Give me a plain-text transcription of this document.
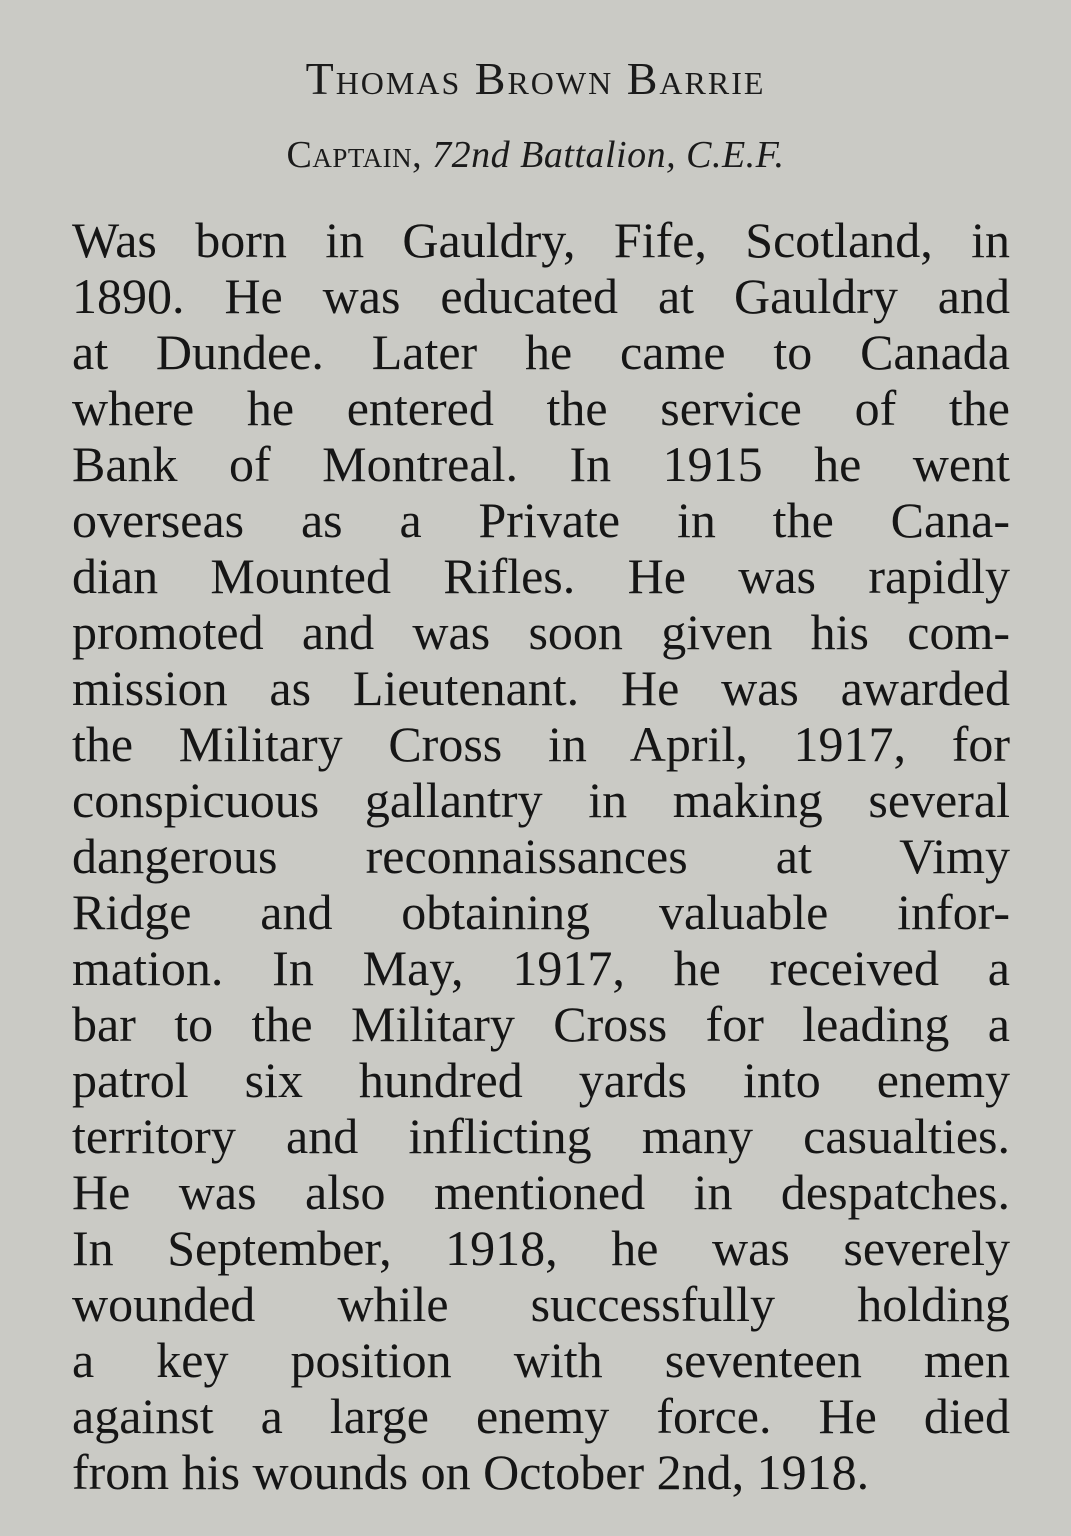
Thomas Brown Barrie
Captain, 72nd Battalion, C.E.F.
Was born in Gauldry, Fife, Scotland, in
1890. He was educated at Gauldry and
at Dundee. Later he came to Canada
where he entered the service of the
Bank of Montreal. In 1915 he went
overseas as a Private in the Cana-
dian Mounted Rifles. He was rapidly
promoted and was soon given his com-
mission as Lieutenant. He was awarded
the Military Cross in April, 1917, for
conspicuous gallantry in making several
dangerous reconnaissances at Vimy
Ridge and obtaining valuable infor-
mation. In May, 1917, he received a
bar to the Military Cross for leading a
patrol six hundred yards into enemy
territory and inflicting many casualties.
He was also mentioned in despatches.
In September, 1918, he was severely
wounded while successfully holding
a key position with seventeen men
against a large enemy force. He died
from his wounds on October 2nd, 1918.
